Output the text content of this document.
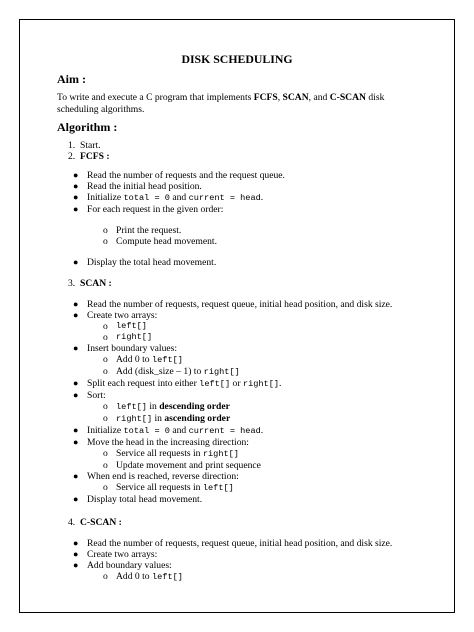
DISK SCHEDULING
Aim :
To write and execute a C program that implements FCFS, SCAN, and C-SCAN disk scheduling algorithms.
Algorithm :
1. Start.
2. FCFS :
● Read the number of requests and the request queue.
● Read the initial head position.
● Initialize total = 0 and current = head.
● For each request in the given order:
o Print the request.
o Compute head movement.
● Display the total head movement.
3. SCAN :
● Read the number of requests, request queue, initial head position, and disk size.
● Create two arrays:
o left[]
o right[]
● Insert boundary values:
o Add 0 to left[]
o Add (disk_size – 1) to right[]
● Split each request into either left[] or right[].
● Sort:
o left[] in descending order
o right[] in ascending order
● Initialize total = 0 and current = head.
● Move the head in the increasing direction:
o Service all requests in right[]
o Update movement and print sequence
● When end is reached, reverse direction:
o Service all requests in left[]
● Display total head movement.
4. C-SCAN :
● Read the number of requests, request queue, initial head position, and disk size.
● Create two arrays:
● Add boundary values:
o Add 0 to left[]
